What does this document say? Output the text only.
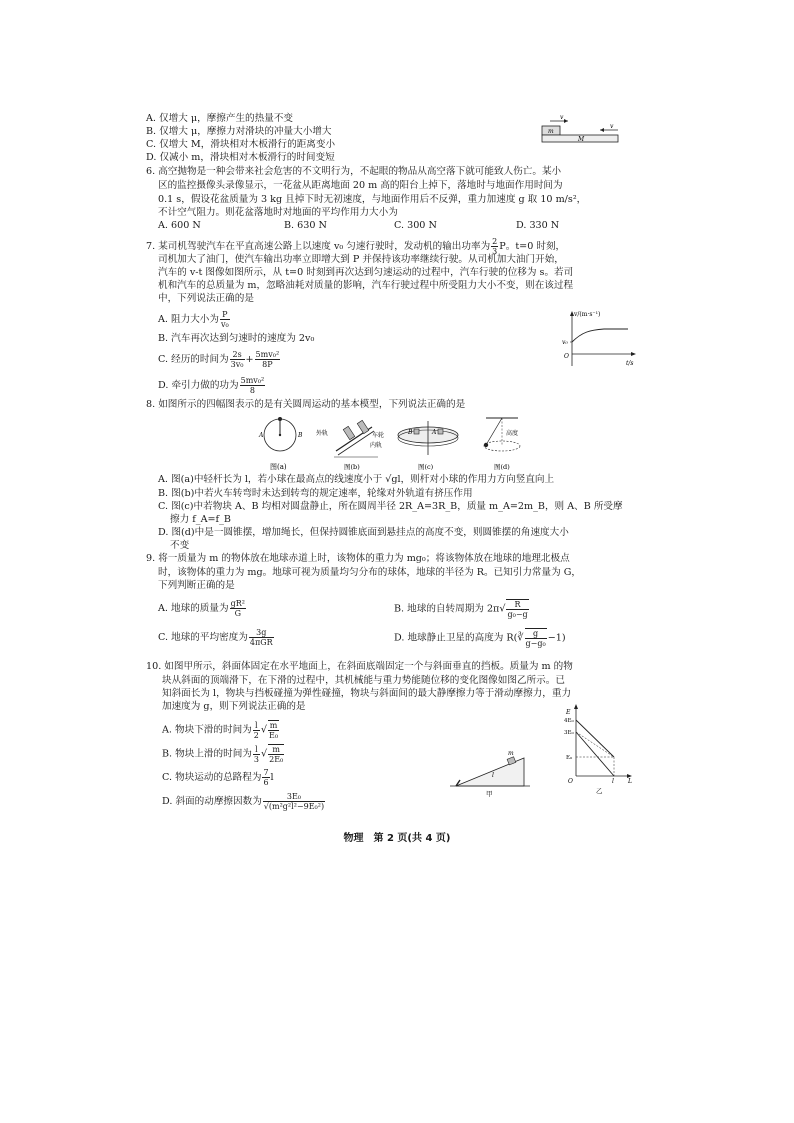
A. 仅增大 μ，摩擦产生的热量不变
B. 仅增大 μ，摩擦力对滑块的冲量大小增大
C. 仅增大 M，滑块相对木板滑行的距离变小
D. 仅减小 m，滑块相对木板滑行的时间变短
v
m
M
v
6. 高空抛物是一种会带来社会危害的不文明行为，不起眼的物品从高空落下就可能致人伤亡。某小
区的监控摄像头录像显示，一花盆从距离地面 20 m 高的阳台上掉下，落地时与地面作用时间为
0.1 s，假设花盆质量为 3 kg 且掉下时无初速度，与地面作用后不反弹，重力加速度 g 取 10 m/s²，
不计空气阻力。则花盆落地时对地面的平均作用力大小为
A. 600 N	B. 630 N	C. 300 N	D. 330 N
7. 某司机驾驶汽车在平直高速公路上以速度 v₀ 匀速行驶时，发动机的输出功率为 $\frac{2}{3}$ P。t=0 时刻，
司机加大了油门，使汽车输出功率立即增大到 P 并保持该功率继续行驶。从司机加大油门开始，
汽车的 v-t 图像如图所示，从 t=0 时刻到再次达到匀速运动的过程中，汽车行驶的位移为 s。若司
机和汽车的总质量为 m，忽略油耗对质量的影响，汽车行驶过程中所受阻力大小不变，则在该过程
中，下列说法正确的是
A. 阻力大小为 $\frac{P}{\text{v₀}}$
B. 汽车再次达到匀速时的速度为 2v₀
C. 经历的时间为 $\frac{2s}{\text{3v₀}} + \frac{\text{5mv₀²}}{8P}$
D. 牵引力做的功为 $\frac{\text{5mv₀²}}{8}$
v/(m·s⁻¹)
v₀
O
t/s
8. 如图所示的四幅图表示的是有关圆周运动的基本模型，下列说法正确的是
A	B
图(a)
外轨	车轮
内轨
图(b)
B	A
图(c)
高度
图(d)
A. 图(a)中轻杆长为 l，若小球在最高点的线速度小于 √gl，则杆对小球的作用力方向竖直向上
B. 图(b)中若火车转弯时未达到转弯的规定速率，轮缘对外轨道有挤压作用
C. 图(c)中若物块 A、B 均相对圆盘静止，所在圆周半径 2R_A=3R_B，质量 m_A=2m_B，则 A、B 所受摩
擦力 f_A=f_B
D. 图(d)中是一圆锥摆，增加绳长，但保持圆锥底面到悬挂点的高度不变，则圆锥摆的角速度大小
不变
9. 将一质量为 m 的物体放在地球赤道上时，该物体的重力为 mg₀；将该物体放在地球的地理北极点
时，该物体的重力为 mg。地球可视为质量均匀分布的球体，地球的半径为 R。已知引力常量为 G，
下列判断正确的是
A. 地球的质量为 $\frac{\text{gR²}}{G}$	B. 地球的自转周期为 $2\pi√ \frac{R}{\text{g₀−g}}$
C. 地球的平均密度为 $\frac{3g}{\text{4πGR}}$	D. 地球静止卫星的高度为 R(∛ $\frac{g}{\text{g−g₀}} -1$)
10. 如图甲所示，斜面体固定在水平地面上，在斜面底端固定一个与斜面垂直的挡板。质量为 m 的物
块从斜面的顶端滑下，在下滑的过程中，其机械能与重力势能随位移的变化图像如图乙所示。已
知斜面长为 l，物块与挡板碰撞为弹性碰撞，物块与斜面间的最大静摩擦力等于滑动摩擦力，重力
加速度为 g，则下列说法正确的是
A. 物块下滑的时间为 $\frac{l}{2}$ √ $\frac{m}{\text{E₀}}$
B. 物块上滑的时间为 $\frac{l}{3}$ √ $\frac{m}{\text{2E₀}}$
C. 物块运动的总路程为 $\frac{7}{6}$ l
D. 斜面的动摩擦因数为 $\frac{\text{3E₀}}{\text{√(m²g²l²−9E₀²)}}$
m
l
甲
E
4E₀
3E₀
E₀
O	l L
乙
物理　第 2 页(共 4 页)
